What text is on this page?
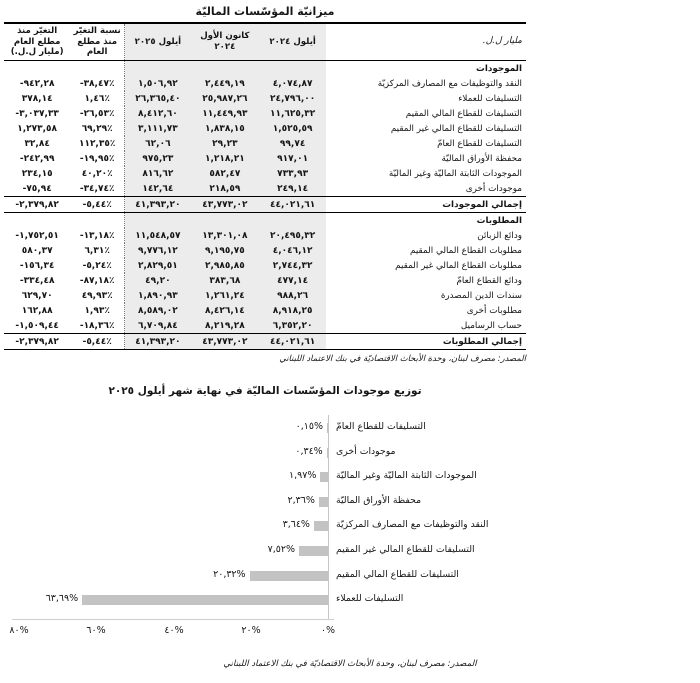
ميزانيّة المؤسّسات الماليّة
مليار ل.ل.	أيلول ٢٠٢٤	كانون الأول ٢٠٢٤	أيلول ٢٠٢٥	نسبة التغيّر منذ مطلع العام	التغيّر منذ مطلع العام (مليار ل.ل.)
الموجودات					
النقد والتوظيفات مع المصارف المركزيّة	٤,٠٧٤,٨٧	٢,٤٤٩,١٩	١,٥٠٦,٩٢	-٣٨,٤٧٪	-٩٤٢,٢٨
التسليفات للعملاء	٢٤,٧٩٦,٠٠	٢٥,٩٨٧,٢٦	٢٦,٣٦٥,٤٠	١,٤٦٪	٣٧٨,١٤
التسليفات للقطاع المالي المقيم	١١,٦٢٥,٣٢	١١,٤٤٩,٩٣	٨,٤١٢,٦٠	-٢٦,٥٣٪	-٣,٠٣٧,٣٣
التسليفات للقطاع المالي غير المقيم	١,٥٢٥,٥٩	١,٨٣٨,١٥	٣,١١١,٧٣	٦٩,٢٩٪	١,٢٧٣,٥٨
التسليفات للقطاع العامّ	٩٩,٧٤	٢٩,٢٣	٦٢,٠٦	١١٢,٣٥٪	٣٢,٨٤
محفظة الأوراق الماليّة	٩١٧,٠١	١,٢١٨,٢١	٩٧٥,٢٣	-١٩,٩٥٪	-٢٤٢,٩٩
الموجودات الثابتة الماليّة وغير الماليّة	٧٣٣,٩٣	٥٨٢,٤٧	٨١٦,٦٢	٤٠,٢٠٪	٢٣٤,١٥
موجودات أخرى	٢٤٩,١٤	٢١٨,٥٩	١٤٢,٦٤	-٣٤,٧٤٪	-٧٥,٩٤
إجمالي الموجودات	٤٤,٠٢١,٦١	٤٣,٧٧٣,٠٢	٤١,٣٩٣,٢٠	-٥,٤٤٪	-٢,٣٧٩,٨٢
المطلوبات					
ودائع الزبائن	٢٠,٤٩٥,٣٢	١٣,٣٠١,٠٨	١١,٥٤٨,٥٧	-١٣,١٨٪	-١,٧٥٢,٥١
مطلوبات القطاع المالي المقيم	٤,٠٤٦,١٢	٩,١٩٥,٧٥	٩,٧٧٦,١٢	٦,٣١٪	٥٨٠,٣٧
مطلوبات القطاع المالي غير المقيم	٢,٧٤٤,٣٢	٢,٩٨٥,٨٥	٢,٨٢٩,٥١	-٥,٢٤٪	-١٥٦,٣٤
ودائع القطاع العامّ	٤٧٧,١٤	٣٨٣,٦٨	٤٩,٢٠	-٨٧,١٨٪	-٣٣٤,٤٨
سندات الدين المصدرة	٩٨٨,٢٦	١,٢٦١,٢٤	١,٨٩٠,٩٣	٤٩,٩٣٪	٦٢٩,٧٠
مطلوبات أخرى	٨,٩١٨,٢٥	٨,٤٢٦,١٤	٨,٥٨٩,٠٢	١,٩٣٪	١٦٢,٨٨
حساب الرساميل	٦,٣٥٢,٢٠	٨,٢١٩,٢٨	٦,٧٠٩,٨٤	-١٨,٣٦٪	-١,٥٠٩,٤٤
إجمالي المطلوبات	٤٤,٠٢١,٦١	٤٣,٧٧٣,٠٢	٤١,٣٩٣,٢٠	-٥,٤٤٪	-٢,٣٧٩,٨٢
المصدر: مصرف لبنان، وحدة الأبحاث الاقتصاديّة في بنك الاعتماد اللبناني
توزيع موجودات المؤسّسات الماليّة في نهاية شهر أيلول ٢٠٢٥
٠,١٥% التسليفات للقطاع العامّ
٠,٣٤% موجودات أخرى
١,٩٧% الموجودات الثابتة الماليّة وغير الماليّة
٢,٣٦% محفظة الأوراق الماليّة
٣,٦٤%	النقد والتوظيفات مع المصارف المركزيّة
٧,٥٢%	التسليفات للقطاع المالي غير المقيم
٢٠,٣٢%	التسليفات للقطاع المالي المقيم
٦٣,٦٩%	التسليفات للعملاء
٠%
٢٠%
٤٠%
٦٠%
٨٠%
المصدر: مصرف لبنان، وحدة الأبحاث الاقتصاديّة في بنك الاعتماد اللبناني
